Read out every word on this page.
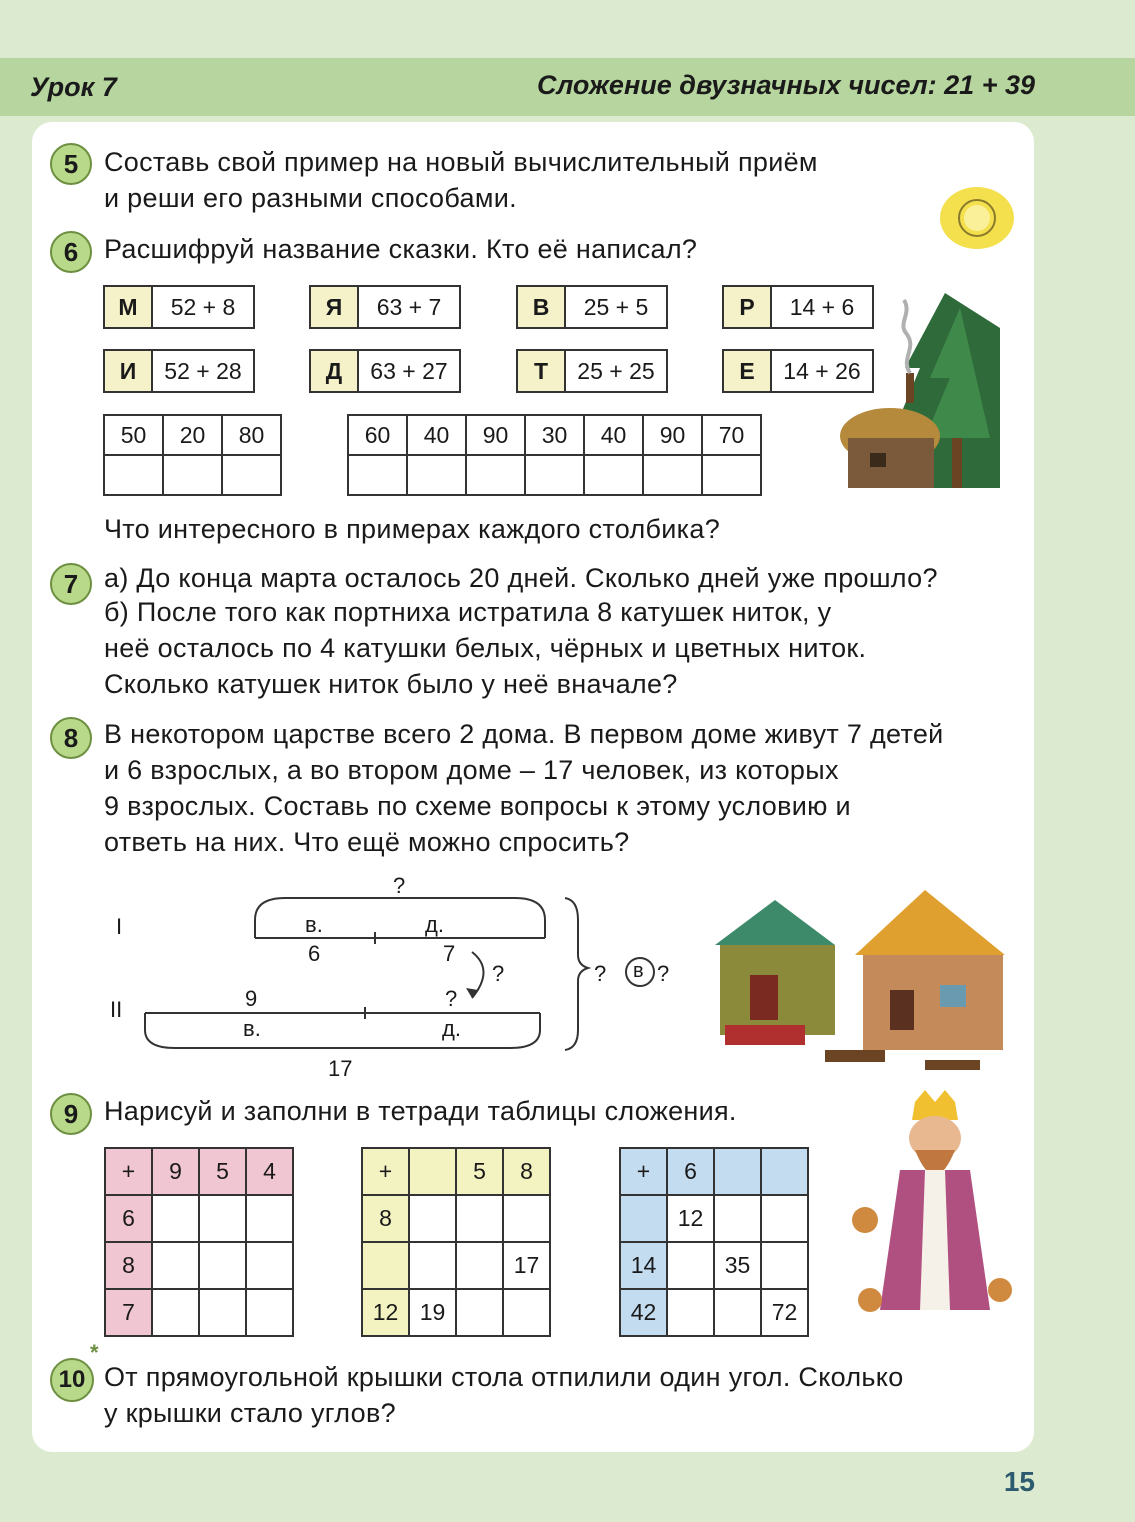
Урок 7	Сложение двузначных чисел: 21 + 39
5 Составь свой пример на новый вычислительный приём
и реши его разными способами.
6 Расшифруй название сказки. Кто её написал?
М	52 + 8	Я	63 + 7	В	25 + 5	Р	14 + 6
И	52 + 28	Д	63 + 27	Т	25 + 25	Е	14 + 26
50	20	80
			60	40	90	30	40	90	70

Что интересного в примерах каждого столбика?
7 а) До конца марта осталось 20 дней. Сколько дней уже прошло?
б) После того как портниха истратила 8 катушек ниток, у
неё осталось по 4 катушки белых, чёрных и цветных ниток.
Сколько катушек ниток было у неё вначале?
8 В некотором царстве всего 2 дома. В первом доме живут 7 детей
и 6 взрослых, а во втором доме – 17 человек, из которых
9 взрослых. Составь по схеме вопросы к этому условию и
ответь на них. Что ещё можно спросить?
I
II
?
в.	д.
6	7
9	?
?
в.	д.
17
? в ?
9 Нарисуй и заполни в тетради таблицы сложения.
+	9	5	4
6			
8			
7			
+		5	8
8			
			17
12	19		
+	6		
	12		
14		35	
42			72
10
*
От прямоугольной крышки стола отпилили один угол. Сколько
у крышки стало углов?
15
